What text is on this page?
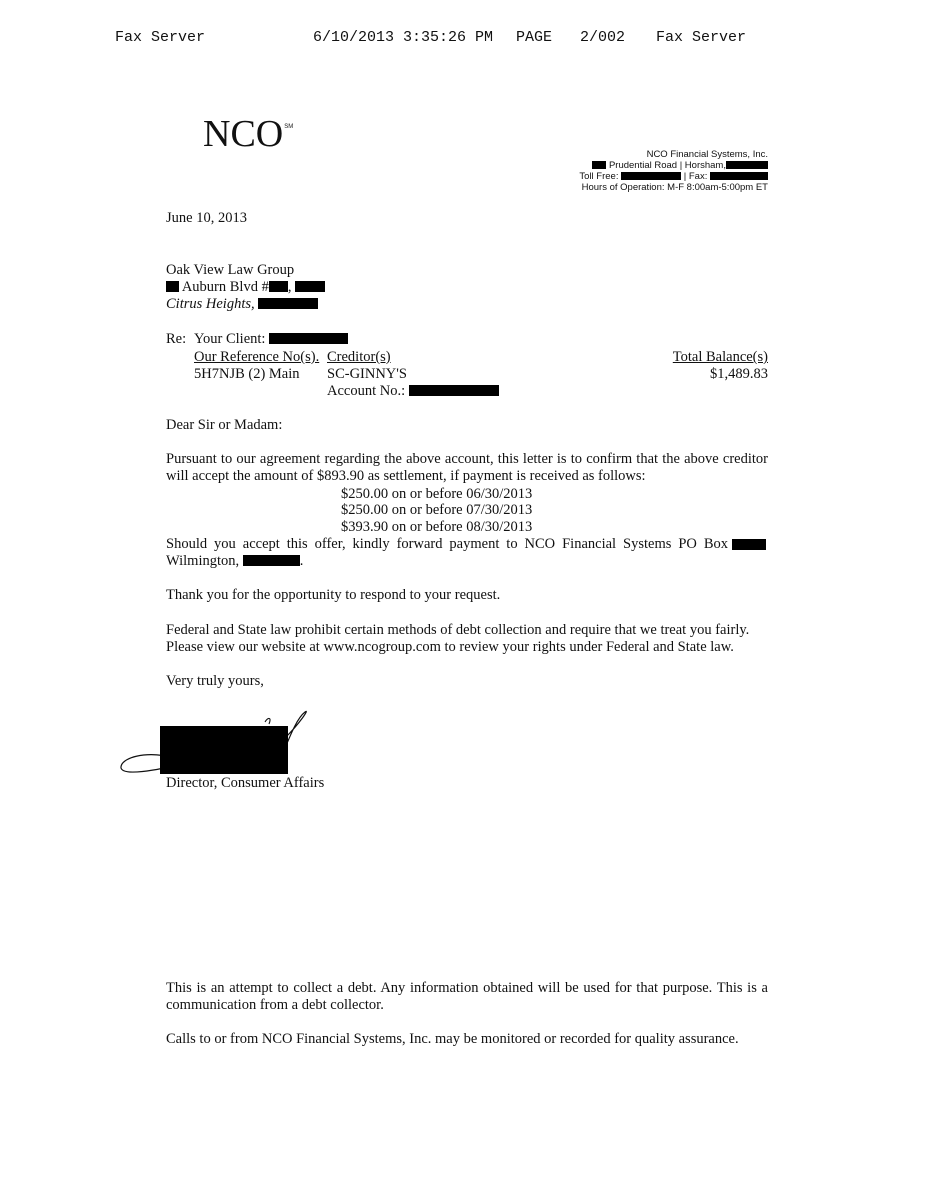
Fax Server	6/10/2013 3:35:26 PM PAGE 2/002 Fax Server
NCO℠
NCO Financial Systems, Inc.
Prudential Road | Horsham,
Toll Free:	| Fax:
Hours of Operation: M-F 8:00am-5:00pm ET
June 10, 2013
Oak View Law Group
Auburn Blvd # ,
Citrus Heights,
Re: Your Client:
Our Reference No(s). Creditor(s)	Total Balance(s)
5H7NJB (2) Main SC-GINNY'S	$1,489.83
Account No.:
Dear Sir or Madam:
Pursuant to our agreement regarding the above account, this letter is to confirm that the above creditor
will accept the amount of $893.90 as settlement, if payment is received as follows:
$250.00 on or before 06/30/2013
$250.00 on or before 07/30/2013
$393.90 on or before 08/30/2013
Should you accept this offer, kindly forward payment to NCO Financial Systems PO Box
Wilmington,	.
Thank you for the opportunity to respond to your request.
Federal and State law prohibit certain methods of debt collection and require that we treat you fairly.
Please view our website at www.ncogroup.com to review your rights under Federal and State law.
Very truly yours,
Director, Consumer Affairs
This is an attempt to collect a debt. Any information obtained will be used for that purpose. This is a
communication from a debt collector.
Calls to or from NCO Financial Systems, Inc. may be monitored or recorded for quality assurance.
